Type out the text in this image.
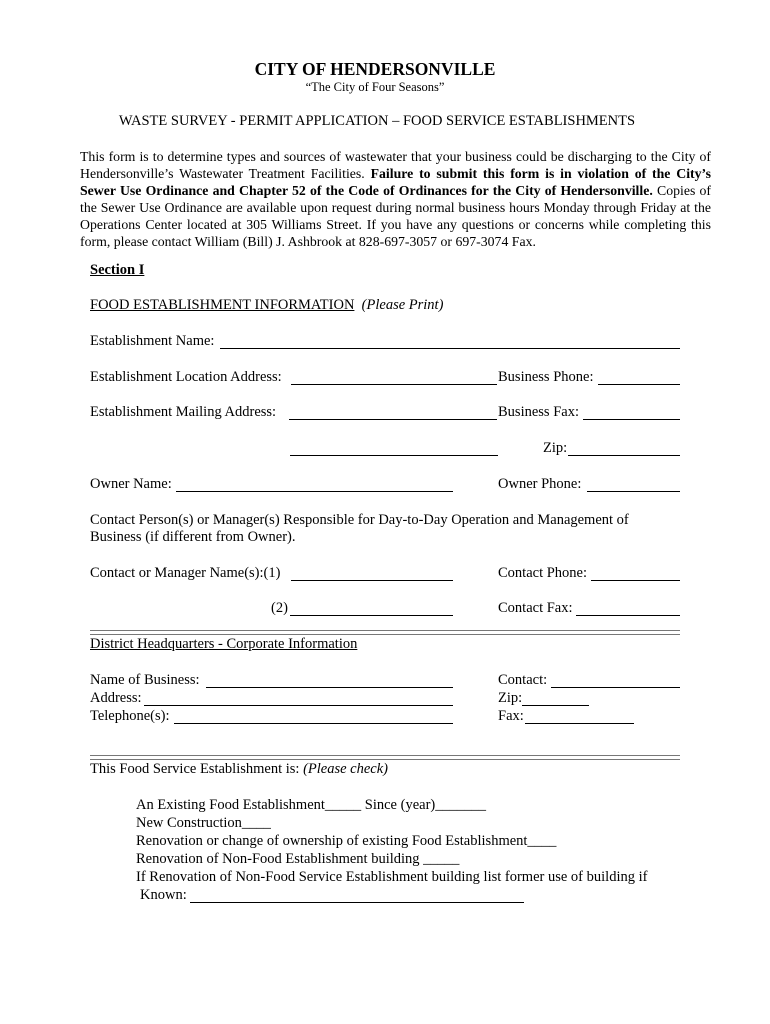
CITY OF HENDERSONVILLE
“The City of Four Seasons”
WASTE SURVEY - PERMIT APPLICATION – FOOD SERVICE ESTABLISHMENTS
This form is to determine types and sources of wastewater that your business could be discharging to the City of Hendersonville’s Wastewater Treatment Facilities. Failure to submit this form is in violation of the City’s Sewer Use Ordinance and Chapter 52 of the Code of Ordinances for the City of Hendersonville. Copies of the Sewer Use Ordinance are available upon request during normal business hours Monday through Friday at the Operations Center located at 305 Williams Street. If you have any questions or concerns while completing this form, please contact William (Bill) J. Ashbrook at 828-697-3057 or 697-3074 Fax.
Section I
FOOD ESTABLISHMENT INFORMATION (Please Print)
Establishment Name:
Establishment Location Address:	Business Phone:
Establishment Mailing Address:	Business Fax:
Zip:
Owner Name:	Owner Phone:
Contact Person(s) or Manager(s) Responsible for Day-to-Day Operation and Management of Business (if different from Owner).
Contact or Manager Name(s):(1)	Contact Phone:
(2)	Contact Fax:
District Headquarters - Corporate Information
Name of Business:	Contact:
Address:	Zip:
Telephone(s):	Fax:
This Food Service Establishment is: (Please check)
An Existing Food Establishment_____ Since (year)_______
New Construction____
Renovation or change of ownership of existing Food Establishment____
Renovation of Non-Food Establishment building _____
If Renovation of Non-Food Service Establishment building list former use of building if
Known:
